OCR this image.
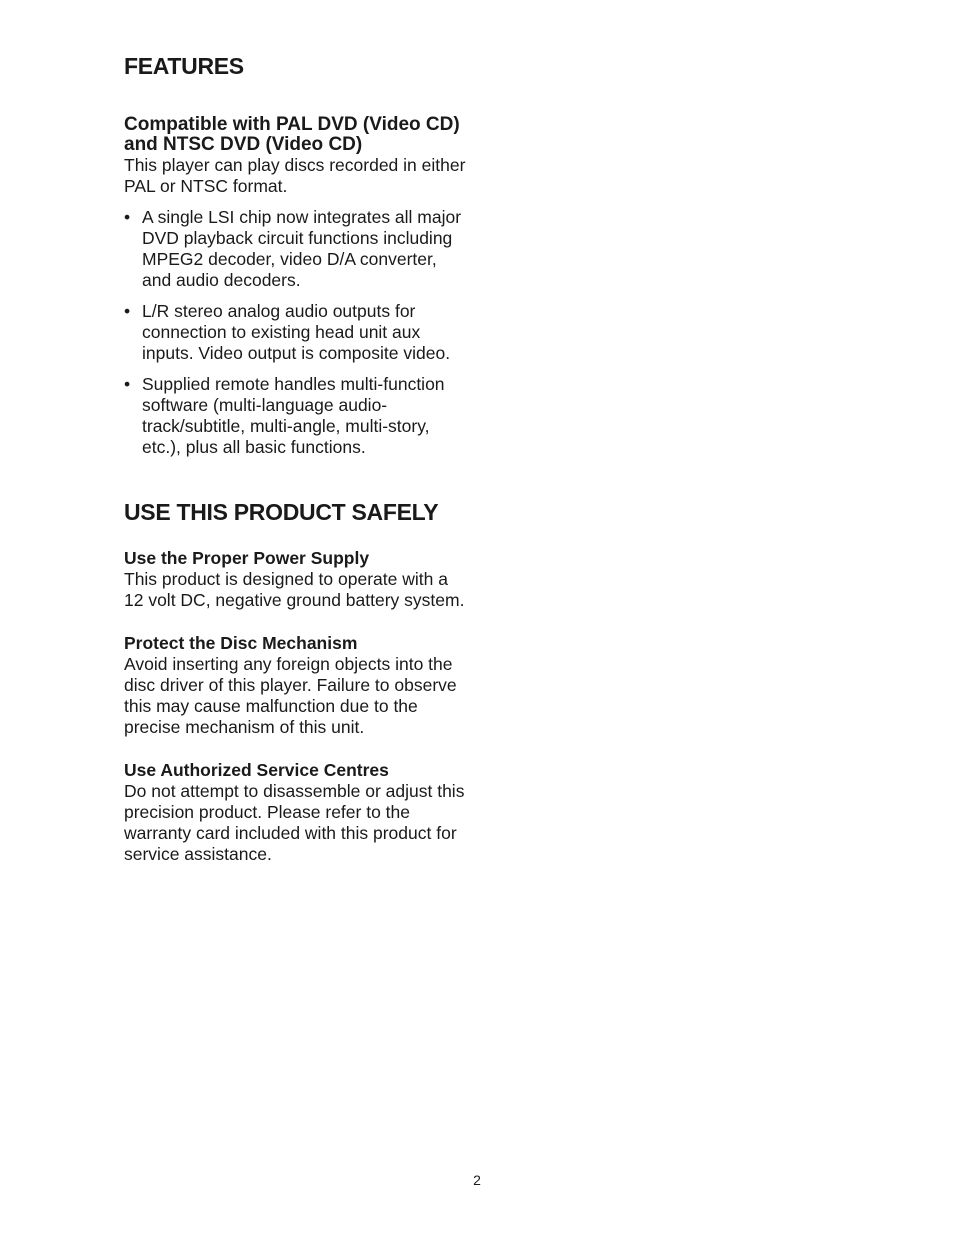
FEATURES
Compatible with PAL DVD (Video CD) and NTSC DVD (Video CD)

This player can play discs recorded in either PAL or NTSC format.

• A single LSI chip now integrates all major DVD playback circuit functions including MPEG2 decoder, video D/A converter, and audio decoders.
• L/R stereo analog audio outputs for connection to existing head unit aux inputs. Video output is composite video.
• Supplied remote handles multi-function software (multi-language audio-track/subtitle, multi-angle, multi-story, etc.), plus all basic functions.
USE THIS PRODUCT SAFELY
Use the Proper Power Supply

This product is designed to operate with a 12 volt DC, negative ground battery system.

Protect the Disc Mechanism

Avoid inserting any foreign objects into the disc driver of this player. Failure to observe this may cause malfunction due to the precise mechanism of this unit.

Use Authorized Service Centres

Do not attempt to disassemble or adjust this precision product. Please refer to the warranty card included with this product for service assistance.

2
